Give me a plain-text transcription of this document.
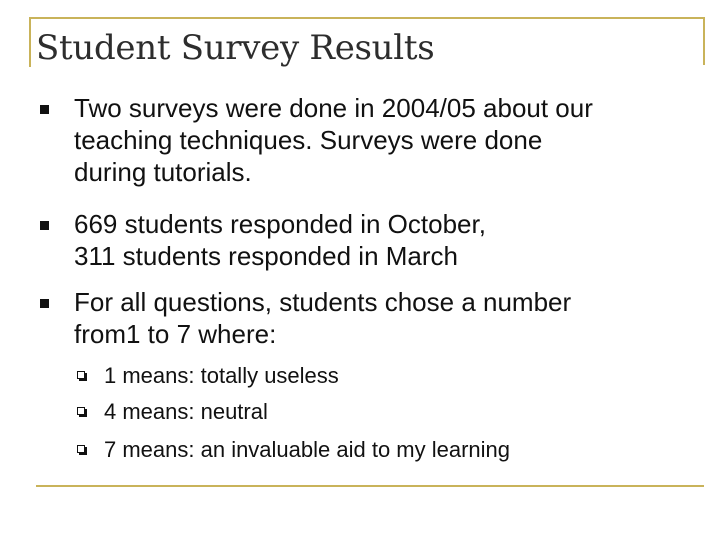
Student Survey Results
Two surveys were done in 2004/05 about our
teaching techniques. Surveys were done
during tutorials.
669 students responded in October,
311 students responded in March
For all questions, students chose a number
from1 to 7 where:
1 means: totally useless
4 means: neutral
7 means: an invaluable aid to my learning
